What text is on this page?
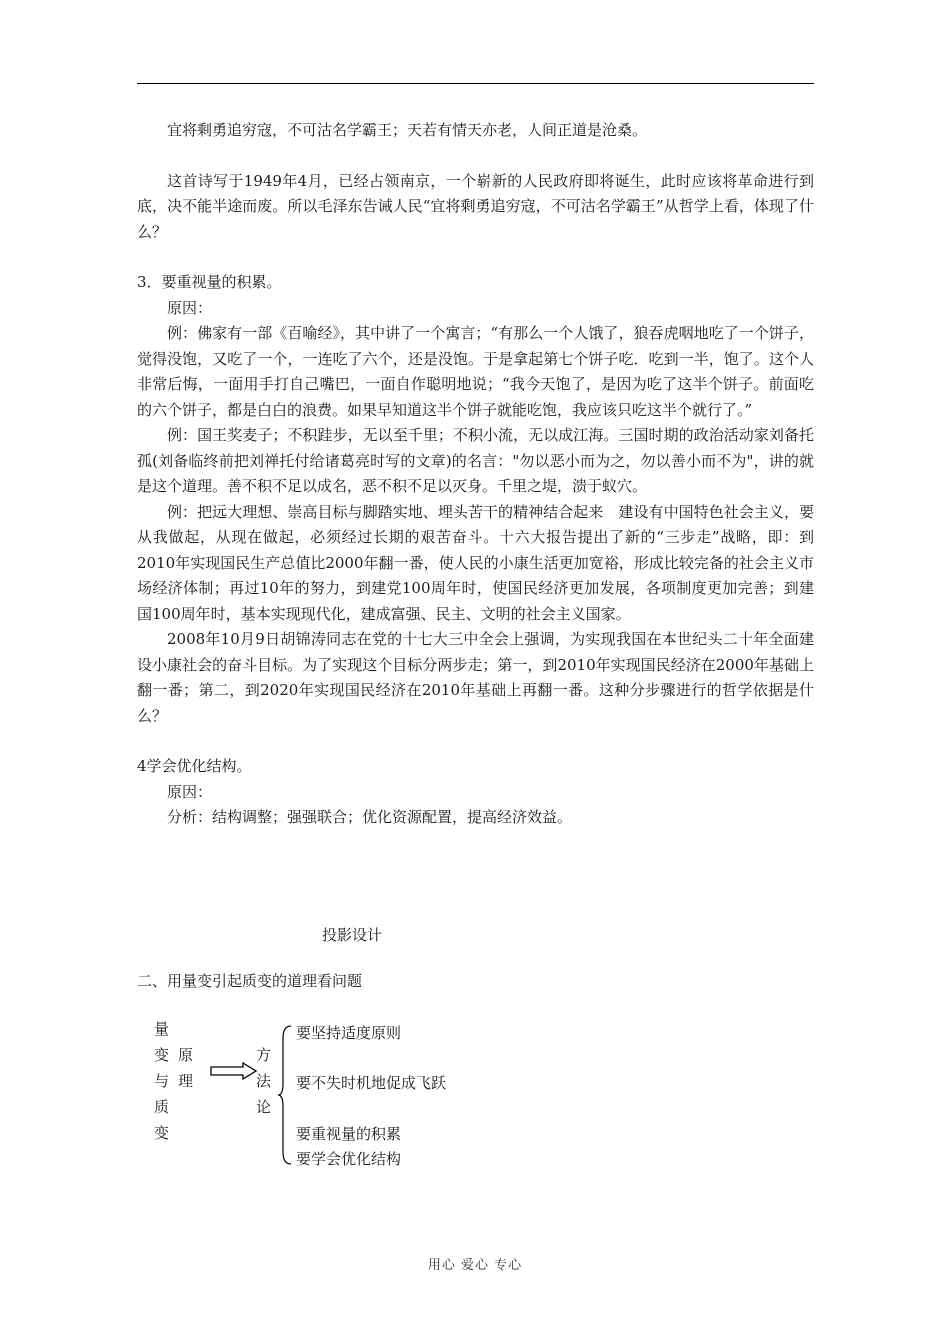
宜将剩勇追穷寇，不可沽名学霸王；天若有情天亦老，人间正道是沧桑。

这首诗写于1949年4月，已经占领南京，一个崭新的人民政府即将诞生，此时应该将革命进行到底，决不能半途而废。所以毛泽东告诫人民“宜将剩勇追穷寇，不可沽名学霸王”从哲学上看，体现了什么？

3．要重视量的积累。

原因：

例：佛家有一部《百喻经》，其中讲了一个寓言；“有那么一个人饿了，狼吞虎咽地吃了一个饼子，觉得没饱，又吃了一个，一连吃了六个，还是没饱。于是拿起第七个饼子吃．吃到一半，饱了。这个人非常后悔，一面用手打自己嘴巴，一面自作聪明地说；“我今天饱了，是因为吃了这半个饼子。前面吃的六个饼子，都是白白的浪费。如果早知道这半个饼子就能吃饱，我应该只吃这半个就行了。”

例：国王奖麦子；不积跬步，无以至千里；不积小流，无以成江海。三国时期的政治活动家刘备托孤(刘备临终前把刘禅托付给诸葛亮时写的文章)的名言："勿以恶小而为之，勿以善小而不为"，讲的就是这个道理。善不积不足以成名，恶不积不足以灭身。千里之堤，溃于蚁穴。

例：把远大理想、崇高目标与脚踏实地、埋头苦干的精神结合起来　建设有中国特色社会主义，要从我做起，从现在做起，必须经过长期的艰苦奋斗。十六大报告提出了新的“三步走”战略，即：到2010年实现国民生产总值比2000年翻一番，使人民的小康生活更加宽裕，形成比较完备的社会主义市场经济体制；再过10年的努力，到建党100周年时，使国民经济更加发展，各项制度更加完善；到建国100周年时，基本实现现代化，建成富强、民主、文明的社会主义国家。

2008年10月9日胡锦涛同志在党的十七大三中全会上强调，为实现我国在本世纪头二十年全面建设小康社会的奋斗目标。为了实现这个目标分两步走；第一，到2010年实现国民经济在2000年基础上翻一番；第二，到2020年实现国民经济在2010年基础上再翻一番。这种分步骤进行的哲学依据是什么？

4学会优化结构。

原因：

分析：结构调整；强强联合；优化资源配置，提高经济效益。

投影设计
二、用量变引起质变的道理看问题
量
变
与
质
变
原
理
方
法
论
要坚持适度原则
要不失时机地促成飞跃
要重视量的积累
要学会优化结构
用心 爱心 专心
